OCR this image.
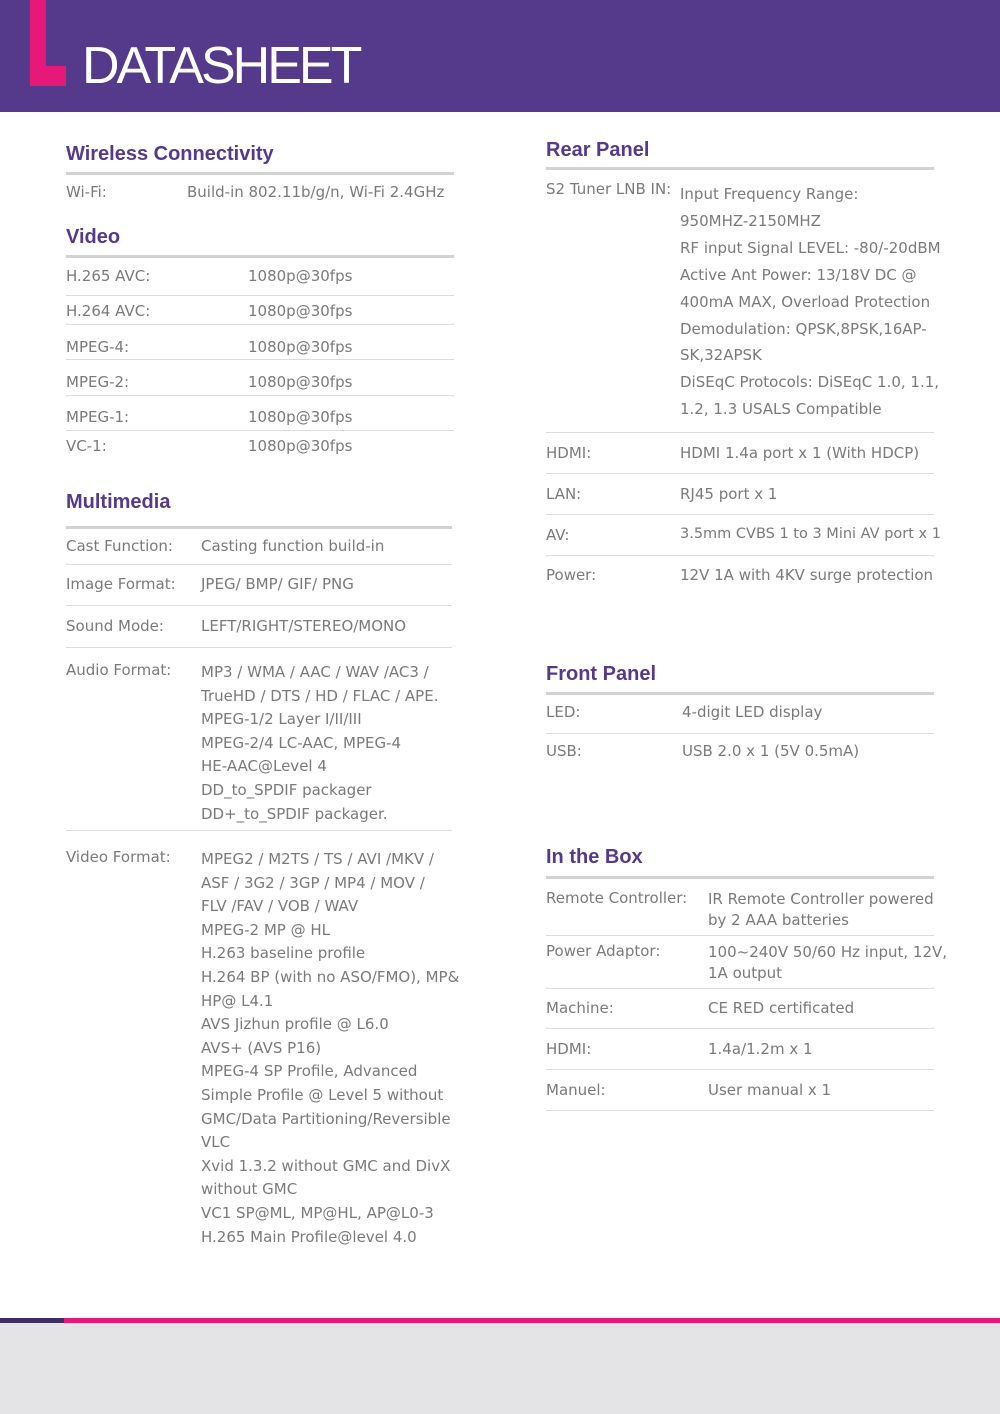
DATASHEET
Wireless Connectivity
Wi-Fi:	Build-in 802.11b/g/n, Wi-Fi 2.4GHz
Video
H.265 AVC:	1080p@30fps
H.264 AVC:	1080p@30fps
MPEG-4:	1080p@30fps
MPEG-2:	1080p@30fps
MPEG-1:	1080p@30fps
VC-1:	1080p@30fps
Multimedia
Cast Function: Casting function build-in
Image Format: JPEG/ BMP/ GIF/ PNG
Sound Mode: LEFT/RIGHT/STEREO/MONO
Audio Format: MP3 / WMA / AAC / WAV /AC3 /
TrueHD / DTS / HD / FLAC / APE.
MPEG-1/2 Layer I/II/III
MPEG-2/4 LC-AAC, MPEG-4
HE-AAC@Level 4
DD_to_SPDIF packager
DD+_to_SPDIF packager.
Video Format: MPEG2 / M2TS / TS / AVI /MKV /
ASF / 3G2 / 3GP / MP4 / MOV /
FLV /FAV / VOB / WAV
MPEG-2 MP @ HL
H.263 baseline profile
H.264 BP (with no ASO/FMO), MP&
HP@ L4.1
AVS Jizhun profile @ L6.0
AVS+ (AVS P16)
MPEG-4 SP Profile, Advanced
Simple Profile @ Level 5 without
GMC/Data Partitioning/Reversible
VLC
Xvid 1.3.2 without GMC and DivX
without GMC
VC1 SP@ML, MP@HL, AP@L0-3
H.265 Main Profile@level 4.0
Rear Panel
S2 Tuner LNB IN: Input Frequency Range:
950MHZ-2150MHZ
RF input Signal LEVEL: -80/-20dBM
Active Ant Power: 13/18V DC @
400mA MAX, Overload Protection
Demodulation: QPSK,8PSK,16AP-
SK,32APSK
DiSEqC Protocols: DiSEqC 1.0, 1.1,
1.2, 1.3 USALS Compatible
HDMI:	HDMI 1.4a port x 1 (With HDCP)
LAN:	RJ45 port x 1
AV:	3.5mm CVBS 1 to 3 Mini AV port x 1
Power:	12V 1A with 4KV surge protection
Front Panel
LED:	4-digit LED display
USB:	USB 2.0 x 1 (5V 0.5mA)
In the Box
Remote Controller: IR Remote Controller powered
by 2 AAA batteries
Power Adaptor:	100~240V 50/60 Hz input, 12V,
1A output
Machine:	CE RED certificated
HDMI:	1.4a/1.2m x 1
Manuel:	User manual x 1
